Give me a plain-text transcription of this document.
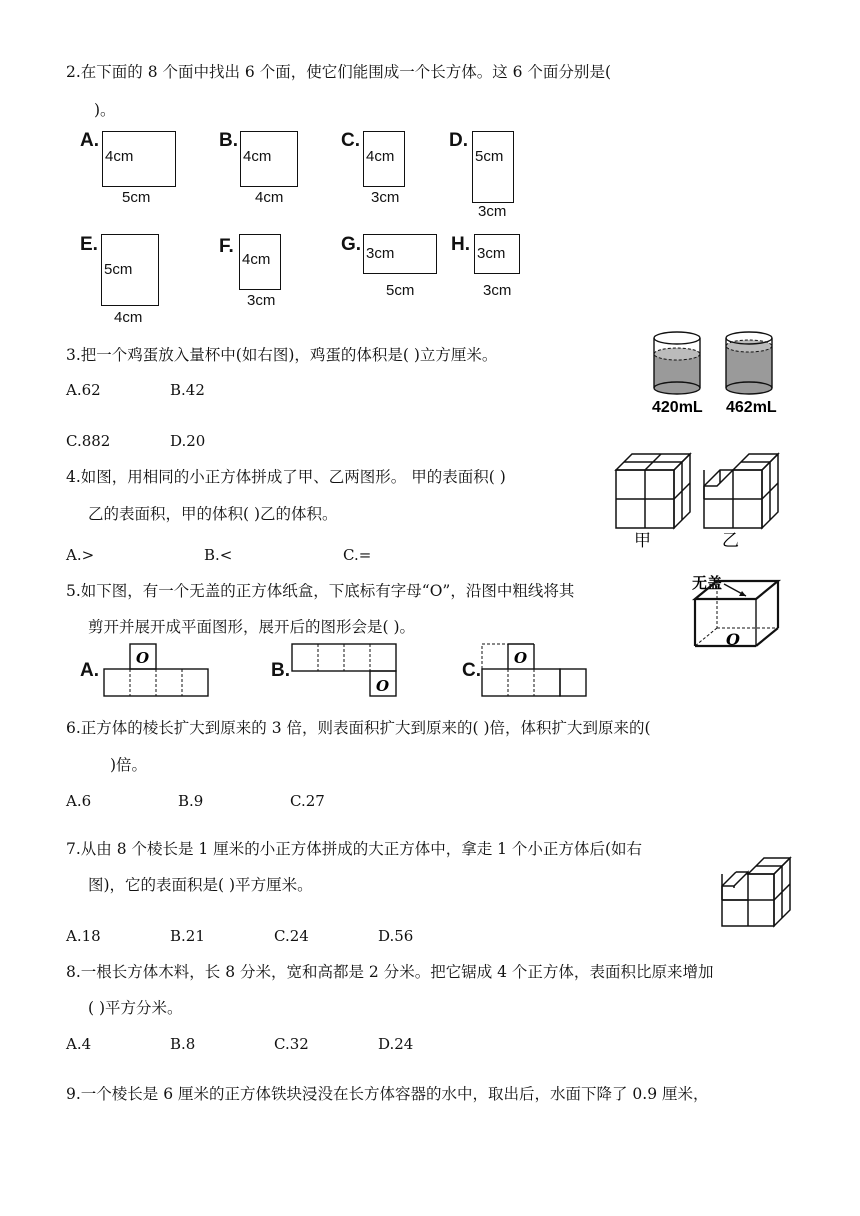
2.在下面的 8 个面中找出 6 个面，使它们能围成一个长方体。这 6 个面分别是(
)。
A.
4cm
5cm
B.
4cm
4cm
C.
4cm
3cm
D.
5cm
3cm
E.
5cm
4cm
F.
4cm
3cm
G. 3cm
5cm
H. 3cm
3cm
3.把一个鸡蛋放入量杯中(如右图)，鸡蛋的体积是( )立方厘米。
A.62	B.42
C.882	D.20
420mL 462mL
4.如图，用相同的小正方体拼成了甲、乙两图形。 甲的表面积( )
乙的表面积，甲的体积( )乙的体积。
A.>	B.<	C.=
甲	乙
5.如下图，有一个无盖的正方体纸盒，下底标有字母“O”，沿图中粗线将其
剪开并展开成平面图形，展开后的图形会是( )。
无盖
O
A.
O
B.
O
C.
O
6.正方体的棱长扩大到原来的 3 倍，则表面积扩大到原来的( )倍，体积扩大到原来的(
)倍。
A.6	B.9	C.27
7.从由 8 个棱长是 1 厘米的小正方体拼成的大正方体中，拿走 1 个小正方体后(如右
图)，它的表面积是( )平方厘米。
A.18	B.21	C.24	D.56
8.一根长方体木料，长 8 分米，宽和高都是 2 分米。把它锯成 4 个正方体，表面积比原来增加
( )平方分米。
A.4	B.8	C.32	D.24
9.一个棱长是 6 厘米的正方体铁块浸没在长方体容器的水中，取出后，水面下降了 0.9 厘米，
